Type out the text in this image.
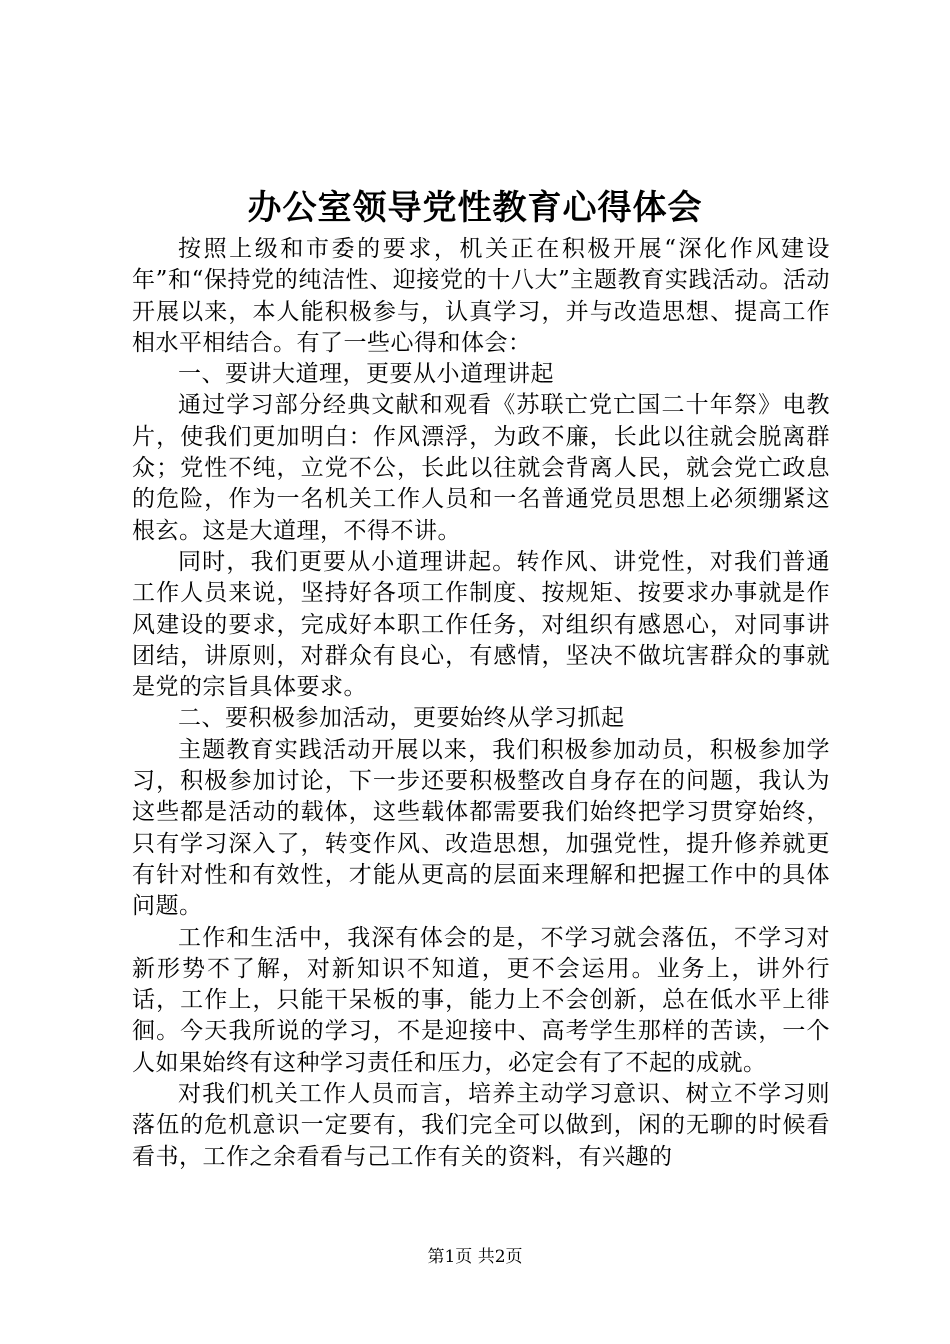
办公室领导党性教育心得体会

按照上级和市委的要求，机关正在积极开展“深化作风建设年”和“保持党的纯洁性、迎接党的十八大”主题教育实践活动。活动开展以来，本人能积极参与，认真学习，并与改造思想、提高工作相水平相结合。有了一些心得和体会：

一、要讲大道理，更要从小道理讲起

通过学习部分经典文献和观看《苏联亡党亡国二十年祭》电教片，使我们更加明白：作风漂浮，为政不廉，长此以往就会脱离群众；党性不纯，立党不公，长此以往就会背离人民，就会党亡政息的危险，作为一名机关工作人员和一名普通党员思想上必须绷紧这根玄。这是大道理，不得不讲。

同时，我们更要从小道理讲起。转作风、讲党性，对我们普通工作人员来说，坚持好各项工作制度、按规矩、按要求办事就是作风建设的要求，完成好本职工作任务，对组织有感恩心，对同事讲团结，讲原则，对群众有良心，有感情，坚决不做坑害群众的事就是党的宗旨具体要求。

二、要积极参加活动，更要始终从学习抓起

主题教育实践活动开展以来，我们积极参加动员，积极参加学习，积极参加讨论，下一步还要积极整改自身存在的问题，我认为这些都是活动的载体，这些载体都需要我们始终把学习贯穿始终，只有学习深入了，转变作风、改造思想，加强党性，提升修养就更有针对性和有效性，才能从更高的层面来理解和把握工作中的具体问题。

工作和生活中，我深有体会的是，不学习就会落伍，不学习对新形势不了解，对新知识不知道，更不会运用。业务上，讲外行话，工作上，只能干呆板的事，能力上不会创新，总在低水平上徘徊。今天我所说的学习，不是迎接中、高考学生那样的苦读，一个人如果始终有这种学习责任和压力，必定会有了不起的成就。

对我们机关工作人员而言，培养主动学习意识、树立不学习则落伍的危机意识一定要有，我们完全可以做到，闲的无聊的时候看看书，工作之余看看与己工作有关的资料，有兴趣的

第1页 共2页
